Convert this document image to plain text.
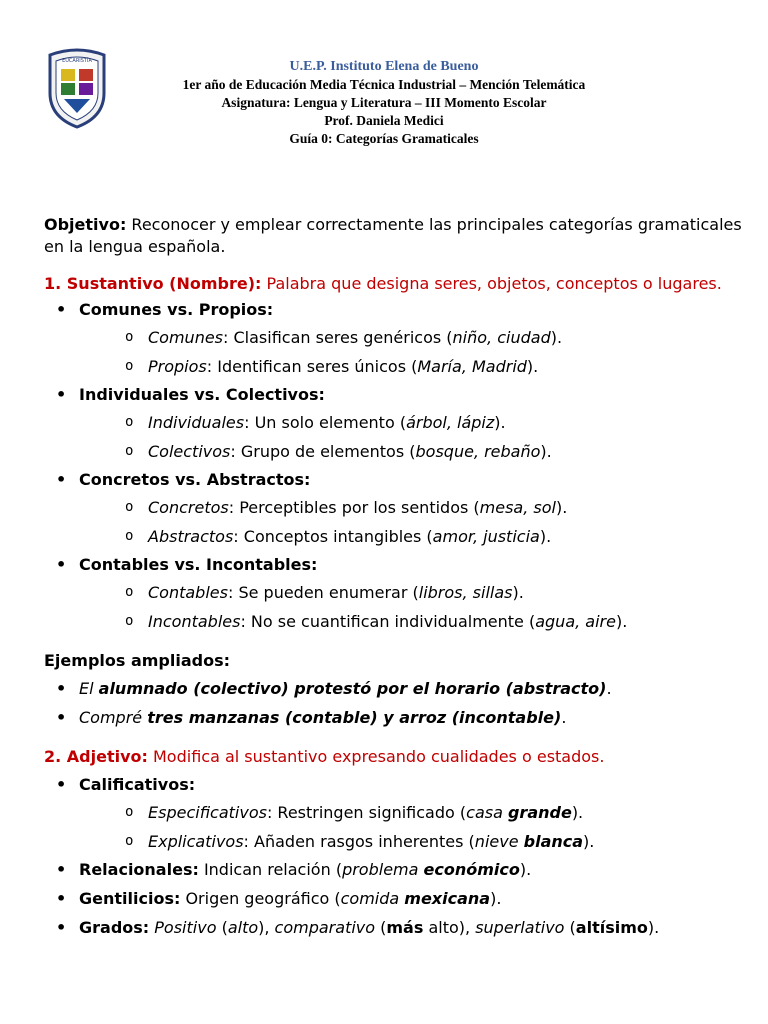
EUCARISTÍA	U.E.P. Instituto Elena de Bueno
1er año de Educación Media Técnica Industrial – Mención Telemática
Asignatura: Lengua y Literatura – III Momento Escolar
Prof. Daniela Medici
Guía 0: Categorías Gramaticales

Objetivo: Reconocer y emplear correctamente las principales categorías gramaticales en la lengua española.

1. Sustantivo (Nombre): Palabra que designa seres, objetos, conceptos o lugares.

• Comunes vs. Propios:
o Comunes: Clasifican seres genéricos (niño, ciudad).
o Propios: Identifican seres únicos (María, Madrid).
• Individuales vs. Colectivos:
o Individuales: Un solo elemento (árbol, lápiz).
o Colectivos: Grupo de elementos (bosque, rebaño).
• Concretos vs. Abstractos:
o Concretos: Perceptibles por los sentidos (mesa, sol).
o Abstractos: Conceptos intangibles (amor, justicia).
• Contables vs. Incontables:
o Contables: Se pueden enumerar (libros, sillas).
o Incontables: No se cuantifican individualmente (agua, aire).

Ejemplos ampliados:

• El alumnado (colectivo) protestó por el horario (abstracto).
• Compré tres manzanas (contable) y arroz (incontable).

2. Adjetivo: Modifica al sustantivo expresando cualidades o estados.

• Calificativos:
o Especificativos: Restringen significado (casa grande).
o Explicativos: Añaden rasgos inherentes (nieve blanca).
• Relacionales: Indican relación (problema económico).
• Gentilicios: Origen geográfico (comida mexicana).
• Grados: Positivo (alto), comparativo (más alto), superlativo (altísimo).
